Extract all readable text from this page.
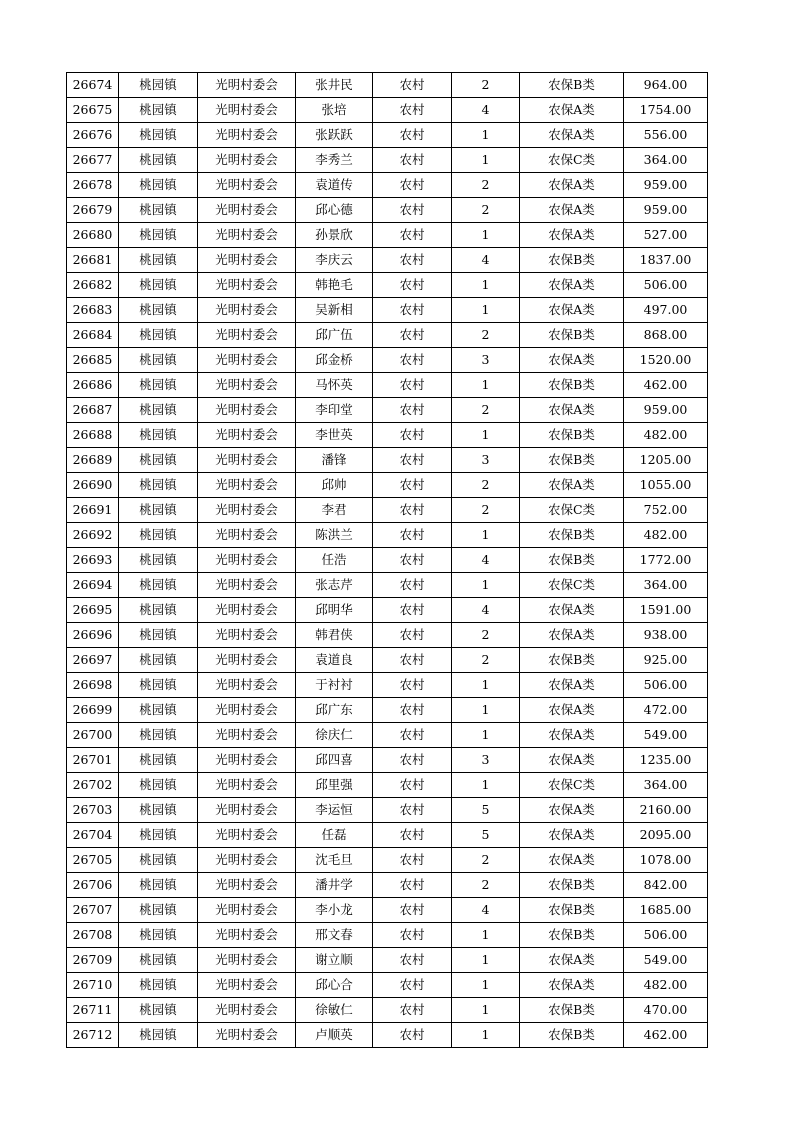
26674	桃园镇	光明村委会	张井民	农村	2	农保B类	964.00
26675	桃园镇	光明村委会	张培	农村	4	农保A类	1754.00
26676	桃园镇	光明村委会	张跃跃	农村	1	农保A类	556.00
26677	桃园镇	光明村委会	李秀兰	农村	1	农保C类	364.00
26678	桃园镇	光明村委会	袁道传	农村	2	农保A类	959.00
26679	桃园镇	光明村委会	邱心德	农村	2	农保A类	959.00
26680	桃园镇	光明村委会	孙景欣	农村	1	农保A类	527.00
26681	桃园镇	光明村委会	李庆云	农村	4	农保B类	1837.00
26682	桃园镇	光明村委会	韩艳毛	农村	1	农保A类	506.00
26683	桃园镇	光明村委会	吴新相	农村	1	农保A类	497.00
26684	桃园镇	光明村委会	邱广伍	农村	2	农保B类	868.00
26685	桃园镇	光明村委会	邱金桥	农村	3	农保A类	1520.00
26686	桃园镇	光明村委会	马怀英	农村	1	农保B类	462.00
26687	桃园镇	光明村委会	李印堂	农村	2	农保A类	959.00
26688	桃园镇	光明村委会	李世英	农村	1	农保B类	482.00
26689	桃园镇	光明村委会	潘锋	农村	3	农保B类	1205.00
26690	桃园镇	光明村委会	邱帅	农村	2	农保A类	1055.00
26691	桃园镇	光明村委会	李君	农村	2	农保C类	752.00
26692	桃园镇	光明村委会	陈洪兰	农村	1	农保B类	482.00
26693	桃园镇	光明村委会	任浩	农村	4	农保B类	1772.00
26694	桃园镇	光明村委会	张志芹	农村	1	农保C类	364.00
26695	桃园镇	光明村委会	邱明华	农村	4	农保A类	1591.00
26696	桃园镇	光明村委会	韩君侠	农村	2	农保A类	938.00
26697	桃园镇	光明村委会	袁道良	农村	2	农保B类	925.00
26698	桃园镇	光明村委会	于衬衬	农村	1	农保A类	506.00
26699	桃园镇	光明村委会	邱广东	农村	1	农保A类	472.00
26700	桃园镇	光明村委会	徐庆仁	农村	1	农保A类	549.00
26701	桃园镇	光明村委会	邱四喜	农村	3	农保A类	1235.00
26702	桃园镇	光明村委会	邱里强	农村	1	农保C类	364.00
26703	桃园镇	光明村委会	李运恒	农村	5	农保A类	2160.00
26704	桃园镇	光明村委会	任磊	农村	5	农保A类	2095.00
26705	桃园镇	光明村委会	沈毛旦	农村	2	农保A类	1078.00
26706	桃园镇	光明村委会	潘井学	农村	2	农保B类	842.00
26707	桃园镇	光明村委会	李小龙	农村	4	农保B类	1685.00
26708	桃园镇	光明村委会	邢文春	农村	1	农保B类	506.00
26709	桃园镇	光明村委会	谢立顺	农村	1	农保A类	549.00
26710	桃园镇	光明村委会	邱心合	农村	1	农保A类	482.00
26711	桃园镇	光明村委会	徐敏仁	农村	1	农保B类	470.00
26712	桃园镇	光明村委会	卢顺英	农村	1	农保B类	462.00
